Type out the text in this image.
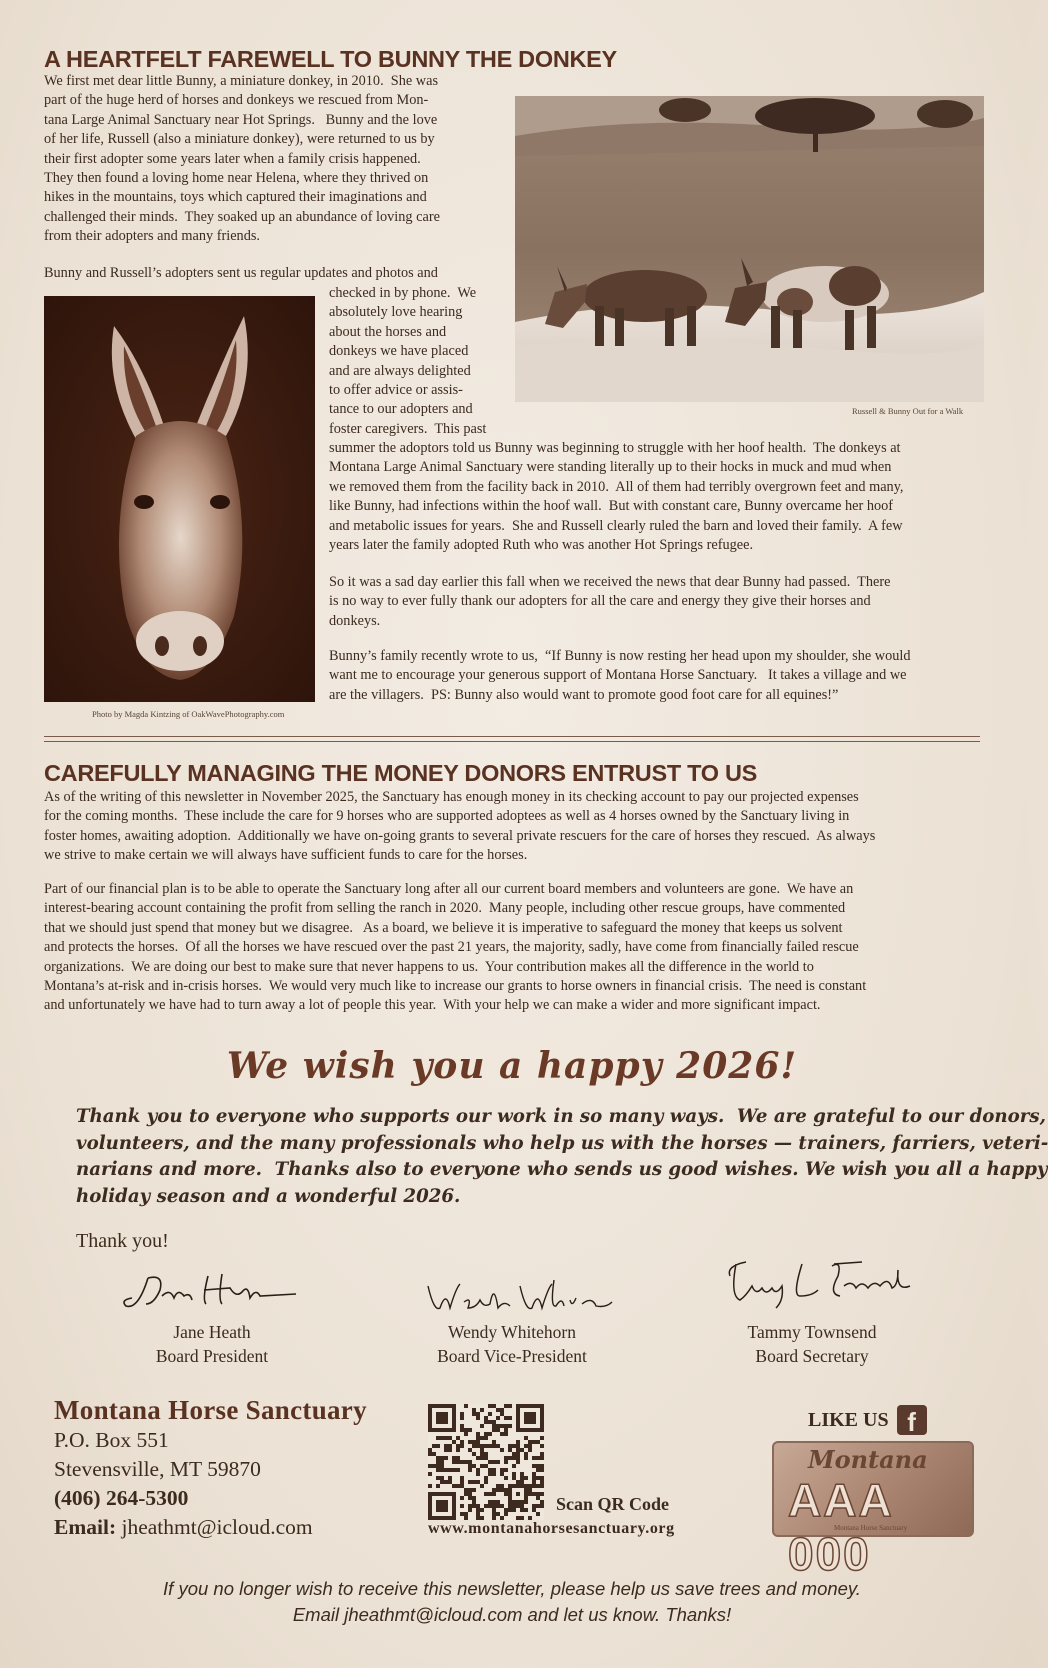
A HEARTFELT FAREWELL TO BUNNY THE DONKEY
We first met dear little Bunny, a miniature donkey, in 2010.  She was
part of the huge herd of horses and donkeys we rescued from Mon-
tana Large Animal Sanctuary near Hot Springs.   Bunny and the love
of her life, Russell (also a miniature donkey), were returned to us by
their first adopter some years later when a family crisis happened.
They then found a loving home near Helena, where they thrived on
hikes in the mountains, toys which captured their imaginations and
challenged their minds.  They soaked up an abundance of loving care
from their adopters and many friends.
Bunny and Russell’s adopters sent us regular updates and photos and
checked in by phone.  We
absolutely love hearing
about the horses and
donkeys we have placed
and are always delighted
to offer advice or assis-
tance to our adopters and
foster caregivers.  This past
summer the adoptors told us Bunny was beginning to struggle with her hoof health.  The donkeys at
Montana Large Animal Sanctuary were standing literally up to their hocks in muck and mud when
we removed them from the facility back in 2010.  All of them had terribly overgrown feet and many,
like Bunny, had infections within the hoof wall.  But with constant care, Bunny overcame her hoof
and metabolic issues for years.  She and Russell clearly ruled the barn and loved their family.  A few
years later the family adopted Ruth who was another Hot Springs refugee.
So it was a sad day earlier this fall when we received the news that dear Bunny had passed.  There
is no way to ever fully thank our adopters for all the care and energy they give their horses and
donkeys.
Bunny’s family recently wrote to us,  “If Bunny is now resting her head upon my shoulder, she would
want me to encourage your generous support of Montana Horse Sanctuary.   It takes a village and we
are the villagers.  PS: Bunny also would want to promote good foot care for all equines!”
Russell & Bunny Out for a Walk
Photo by Magda Kintzing of OakWavePhotography.com
CAREFULLY MANAGING THE MONEY DONORS ENTRUST TO US
As of the writing of this newsletter in November 2025, the Sanctuary has enough money in its checking account to pay our projected expenses
for the coming months.  These include the care for 9 horses who are supported adoptees as well as 4 horses owned by the Sanctuary living in
foster homes, awaiting adoption.  Additionally we have on-going grants to several private rescuers for the care of horses they rescued.  As always
we strive to make certain we will always have sufficient funds to care for the horses.
Part of our financial plan is to be able to operate the Sanctuary long after all our current board members and volunteers are gone.  We have an
interest-bearing account containing the profit from selling the ranch in 2020.  Many people, including other rescue groups, have commented
that we should just spend that money but we disagree.   As a board, we believe it is imperative to safeguard the money that keeps us solvent
and protects the horses.  Of all the horses we have rescued over the past 21 years, the majority, sadly, have come from financially failed rescue
organizations.  We are doing our best to make sure that never happens to us.  Your contribution makes all the difference in the world to
Montana’s at-risk and in-crisis horses.  We would very much like to increase our grants to horse owners in financial crisis.  The need is constant
and unfortunately we have had to turn away a lot of people this year.  With your help we can make a wider and more significant impact.
We wish you a happy 2026!
Thank you to everyone who supports our work in so many ways.  We are grateful to our donors,
volunteers, and the many professionals who help us with the horses — trainers, farriers, veteri-
narians and more.  Thanks also to everyone who sends us good wishes. We wish you all a happy
holiday season and a wonderful 2026.
Thank you!
Jane Heath
Board President
Wendy Whitehorn
Board Vice-President
Tammy Townsend
Board Secretary
Montana Horse Sanctuary
P.O. Box 551
Stevensville, MT 59870
(406) 264-5300
Email: jheathmt@icloud.com
Scan QR Code
www.montanahorsesanctuary.org
LIKE US f
Montana
AAA 000
Montana Horse Sanctuary
If you no longer wish to receive this newsletter, please help us save trees and money.
Email jheathmt@icloud.com and let us know. Thanks!
